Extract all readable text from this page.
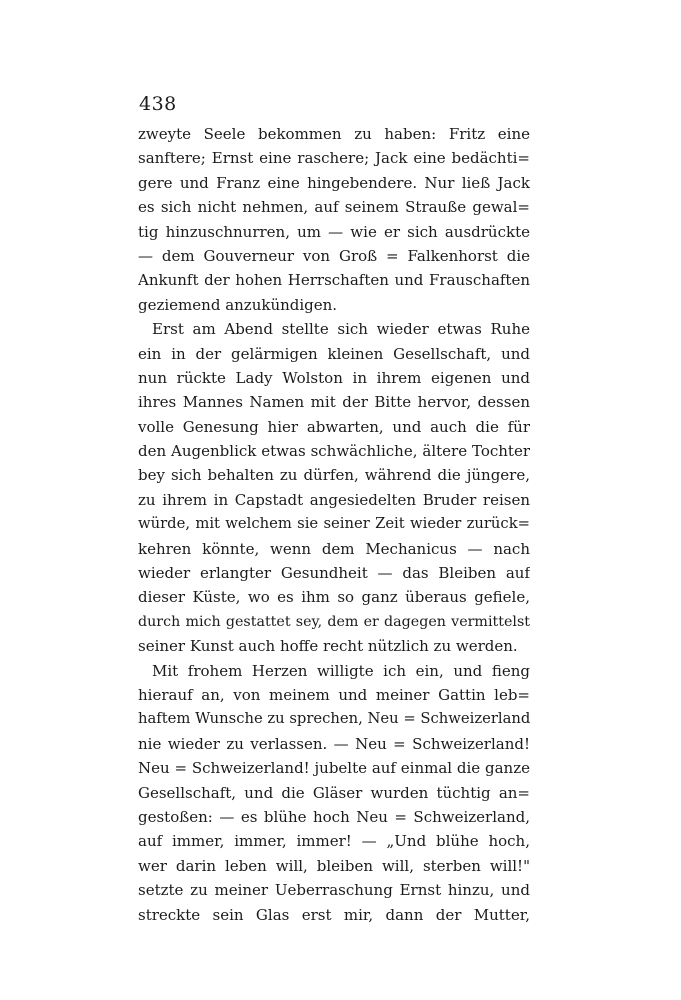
438
zweyte Seele bekommen zu haben: Fritz eine
sanftere; Ernst eine raschere; Jack eine bedächti=
gere und Franz eine hingebendere. Nur ließ Jack
es sich nicht nehmen, auf seinem Strauße gewal=
tig hinzuschnurren, um — wie er sich ausdrückte
— dem Gouverneur von Groß = Falkenhorst die
Ankunft der hohen Herrschaften und Frauschaften
geziemend anzukündigen.
Erst am Abend stellte sich wieder etwas Ruhe
ein in der gelärmigen kleinen Gesellschaft, und
nun rückte Lady Wolston in ihrem eigenen und
ihres Mannes Namen mit der Bitte hervor, dessen
volle Genesung hier abwarten, und auch die für
den Augenblick etwas schwächliche, ältere Tochter
bey sich behalten zu dürfen, während die jüngere,
zu ihrem in Capstadt angesiedelten Bruder reisen
würde, mit welchem sie seiner Zeit wieder zurück=
kehren könnte, wenn dem Mechanicus — nach
wieder erlangter Gesundheit — das Bleiben auf
dieser Küste, wo es ihm so ganz überaus gefiele,
durch mich gestattet sey, dem er dagegen vermittelst
seiner Kunst auch hoffe recht nützlich zu werden.
Mit frohem Herzen willigte ich ein, und fieng
hierauf an, von meinem und meiner Gattin leb=
haftem Wunsche zu sprechen, Neu = Schweizerland
nie wieder zu verlassen. — Neu = Schweizerland!
Neu = Schweizerland! jubelte auf einmal die ganze
Gesellschaft, und die Gläser wurden tüchtig an=
gestoßen: — es blühe hoch Neu = Schweizerland,
auf immer, immer, immer! — „Und blühe hoch,
wer darin leben will, bleiben will, sterben will!"
setzte zu meiner Ueberraschung Ernst hinzu, und
streckte sein Glas erst mir, dann der Mutter,
